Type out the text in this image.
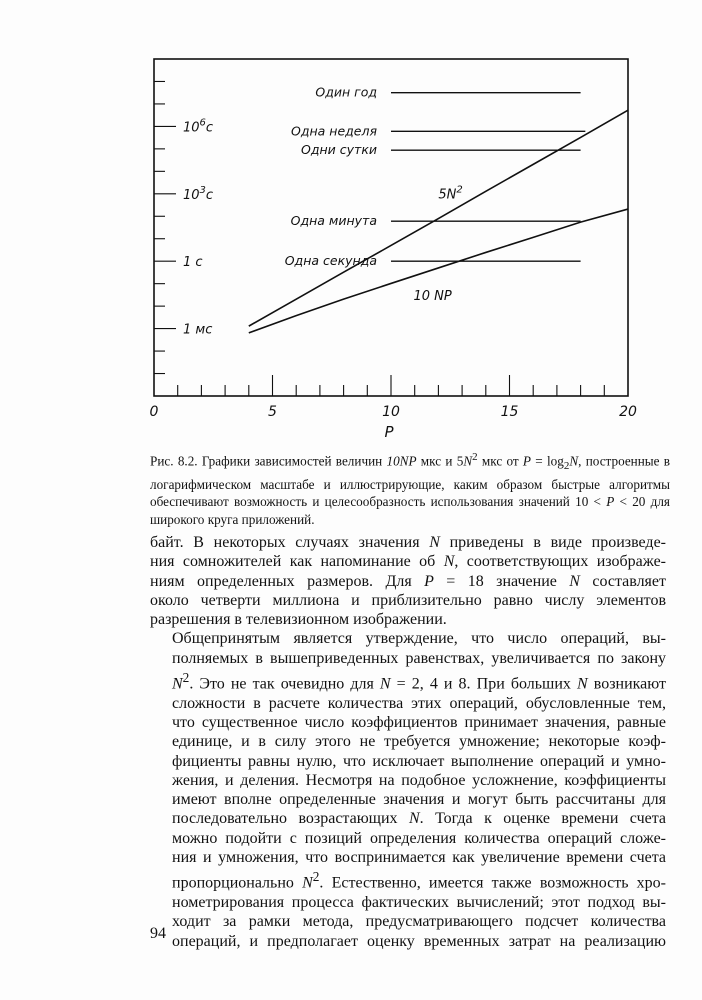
0	5	10	15	20
P
$10^6c$
$10^3c$
1 c
1 мс
Один год
Одна неделя
Одни сутки
Одна минута
Одна секунда
$5N^2$
10 NP
Рис. 8.2. Графики зависимостей величин 10NP мкс и $5N^2$ мкс от $P = \log_2N$, построенные в логарифмическом масштабе и иллюстрирующие, каким образом быстрые алгоритмы обеспечивают возможность и целесообразность использования значений 10 < P < 20 для широкого круга приложений.

байт. В некоторых случаях значения N приведены в виде произведе-
ния сомножителей как напоминание об N, соответствующих изображе-
ниям определенных размеров. Для P = 18 значение N составляет
около четверти миллиона и приблизительно равно числу элементов
разрешения в телевизионном изображении.

Общепринятым является утверждение, что число операций, вы-
полняемых в вышеприведенных равенствах, увеличивается по закону
$N^2$. Это не так очевидно для N = 2, 4 и 8. При больших N возникают
сложности в расчете количества этих операций, обусловленные тем,
что существенное число коэффициентов принимает значения, равные
единице, и в силу этого не требуется умножение; некоторые коэф-
фициенты равны нулю, что исключает выполнение операций и умно-
жения, и деления. Несмотря на подобное усложнение, коэффициенты
имеют вполне определенные значения и могут быть рассчитаны для
последовательно возрастающих N. Тогда к оценке времени счета
можно подойти с позиций определения количества операций сложе-
ния и умножения, что воспринимается как увеличение времени счета
пропорционально $N^2$. Естественно, имеется также возможность хро-
нометрирования процесса фактических вычислений; этот подход вы-
ходит за рамки метода, предусматривающего подсчет количества
операций, и предполагает оценку временных затрат на реализацию

94
